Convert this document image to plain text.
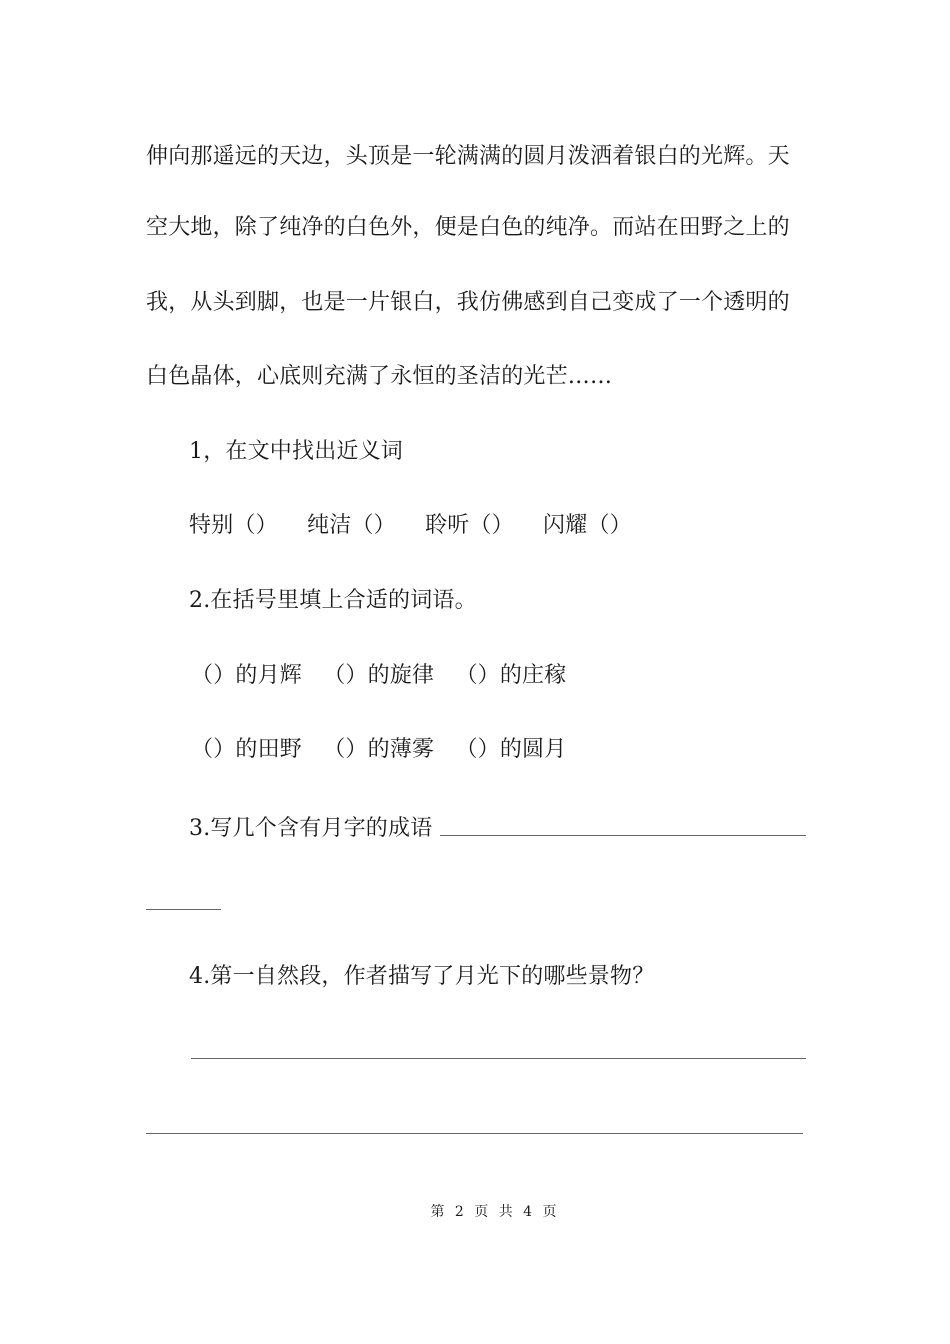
伸向那遥远的天边，头顶是一轮满满的圆月泼洒着银白的光辉。天
空大地，除了纯净的白色外，便是白色的纯净。而站在田野之上的
我，从头到脚，也是一片银白，我仿佛感到自己变成了一个透明的
白色晶体，心底则充满了永恒的圣洁的光芒……
1，在文中找出近义词
特别（） 纯洁（） 聆听（） 闪耀（）
2.在括号里填上合适的词语。
（）的月辉 （）的旋律 （）的庄稼
（）的田野 （）的薄雾 （）的圆月
3.写几个含有月字的成语
4.第一自然段，作者描写了月光下的哪些景物？
第 2 页 共 4 页
